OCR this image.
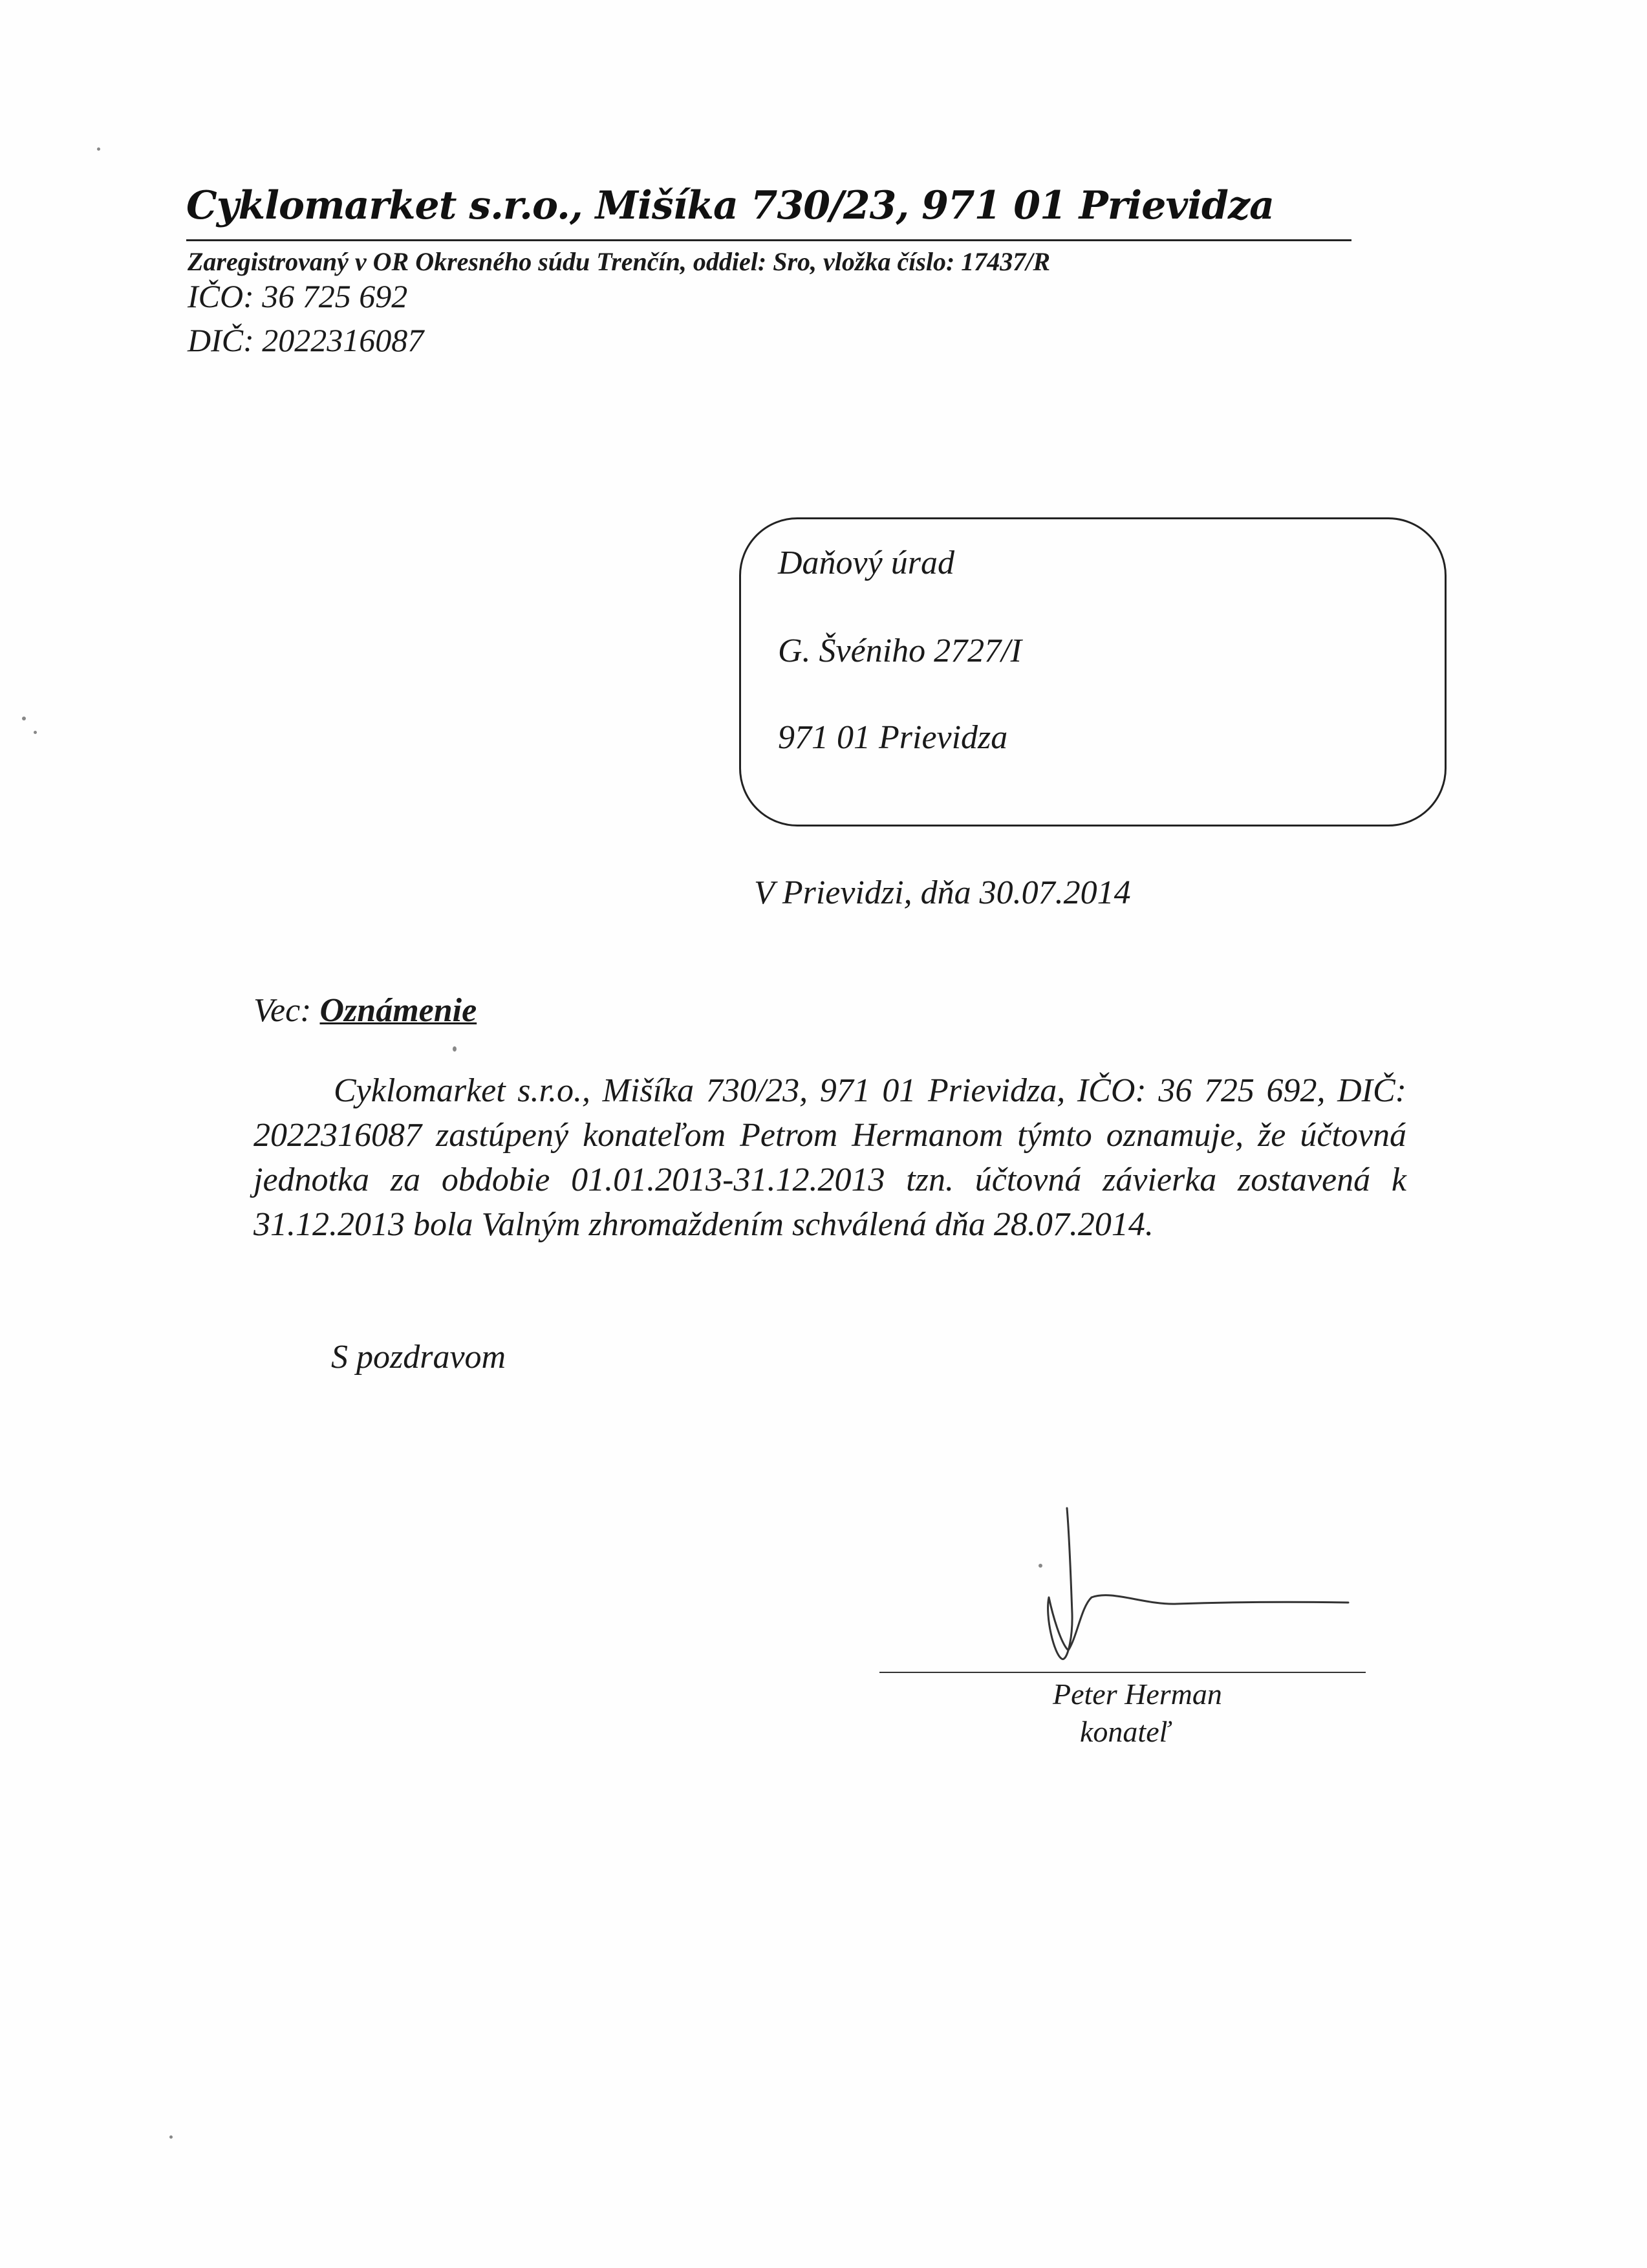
Cyklomarket s.r.o., Mišíka 730/23, 971 01 Prievidza
Zaregistrovaný v OR Okresného súdu Trenčín, oddiel: Sro, vložka číslo: 17437/R
IČO: 36 725 692
DIČ: 2022316087
Daňový úrad
G. Švéniho 2727/I
971 01 Prievidza
V Prievidzi, dňa 30.07.2014
Vec: Oznámenie
Cyklomarket s.r.o., Mišíka 730/23, 971 01 Prievidza, IČO: 36 725 692, DIČ: 2022316087 zastúpený konateľom Petrom Hermanom týmto oznamuje, že účtovná jednotka za obdobie 01.01.2013-31.12.2013 tzn. účtovná závierka zostavená k 31.12.2013 bola Valným zhromaždením schválená dňa 28.07.2014.
S pozdravom
Peter Herman
konateľ
